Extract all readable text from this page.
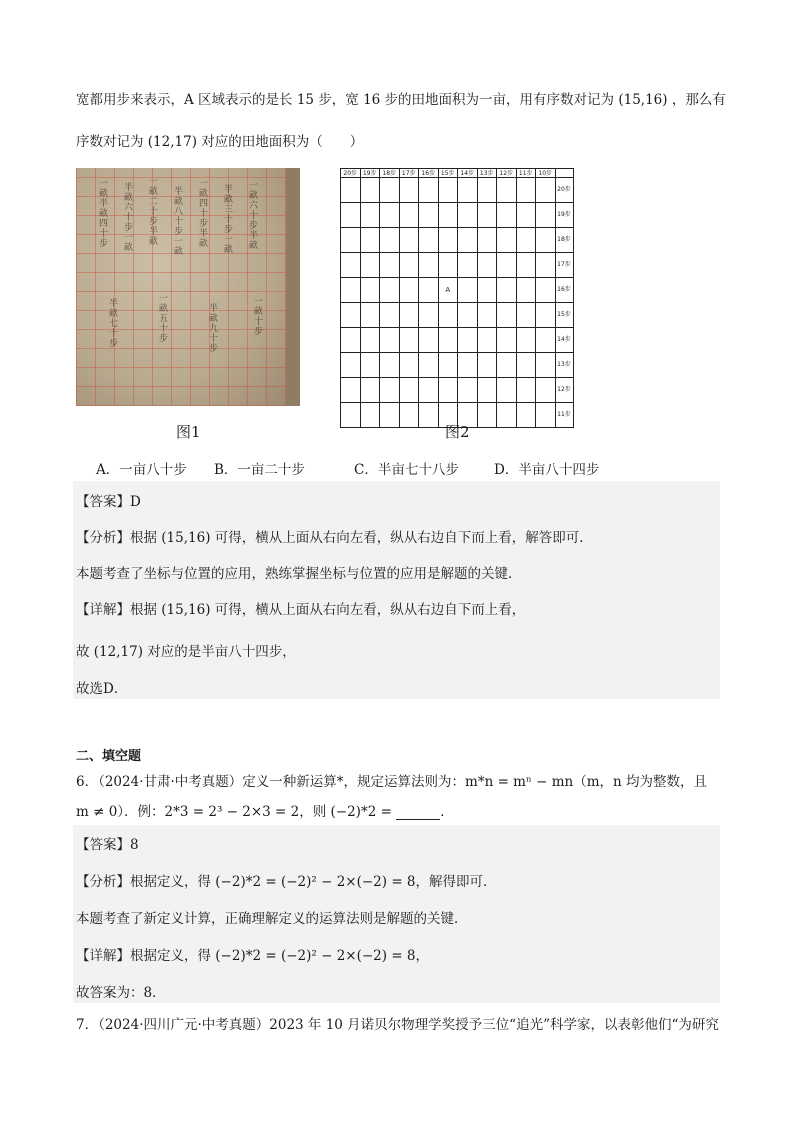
宽都用步来表示，A 区域表示的是长 15 步，宽 16 步的田地面积为一亩，用有序数对记为 (15,16) ，那么有
序数对记为 (12,17) 对应的田地面积为（　　）
一畝半畝四十步 半畝六十步一畝 一畝二十步半畝 半畝八十步一畝 一畝四十步半畝 半畝三十步一畝 一畝六十步半畝
半畝七十步	一畝五十步	半畝九十步	一畝十步
20步	19步	18步	17步	16步	15步	14步	13步	12步	11步	10步	
											20步
											19步
											18步
											17步
					A						16步
											15步
											14步
											13步
											12步
											11步
图1	图2
A．一亩八十步 B．一亩二十步	C．半亩七十八步	D．半亩八十四步
【答案】D
【分析】根据 (15,16) 可得，横从上面从右向左看，纵从右边自下而上看，解答即可．
本题考查了坐标与位置的应用，熟练掌握坐标与位置的应用是解题的关键．
【详解】根据 (15,16) 可得，横从上面从右向左看，纵从右边自下而上看，
故 (12,17) 对应的是半亩八十四步，
故选D．
二、填空题
6．（2024·甘肃·中考真题）定义一种新运算*，规定运算法则为：m*n = mⁿ − mn（m，n 均为整数，且
m ≠ 0）．例：2*3 = 2³ − 2×3 = 2，则 (−2)*2 =	．
【答案】8
【分析】根据定义，得 (−2)*2 = (−2)² − 2×(−2) = 8，解得即可．
本题考查了新定义计算，正确理解定义的运算法则是解题的关键．
【详解】根据定义，得 (−2)*2 = (−2)² − 2×(−2) = 8，
故答案为：8．
7．（2024·四川广元·中考真题）2023 年 10 月诺贝尔物理学奖授予三位“追光”科学家，以表彰他们“为研究
